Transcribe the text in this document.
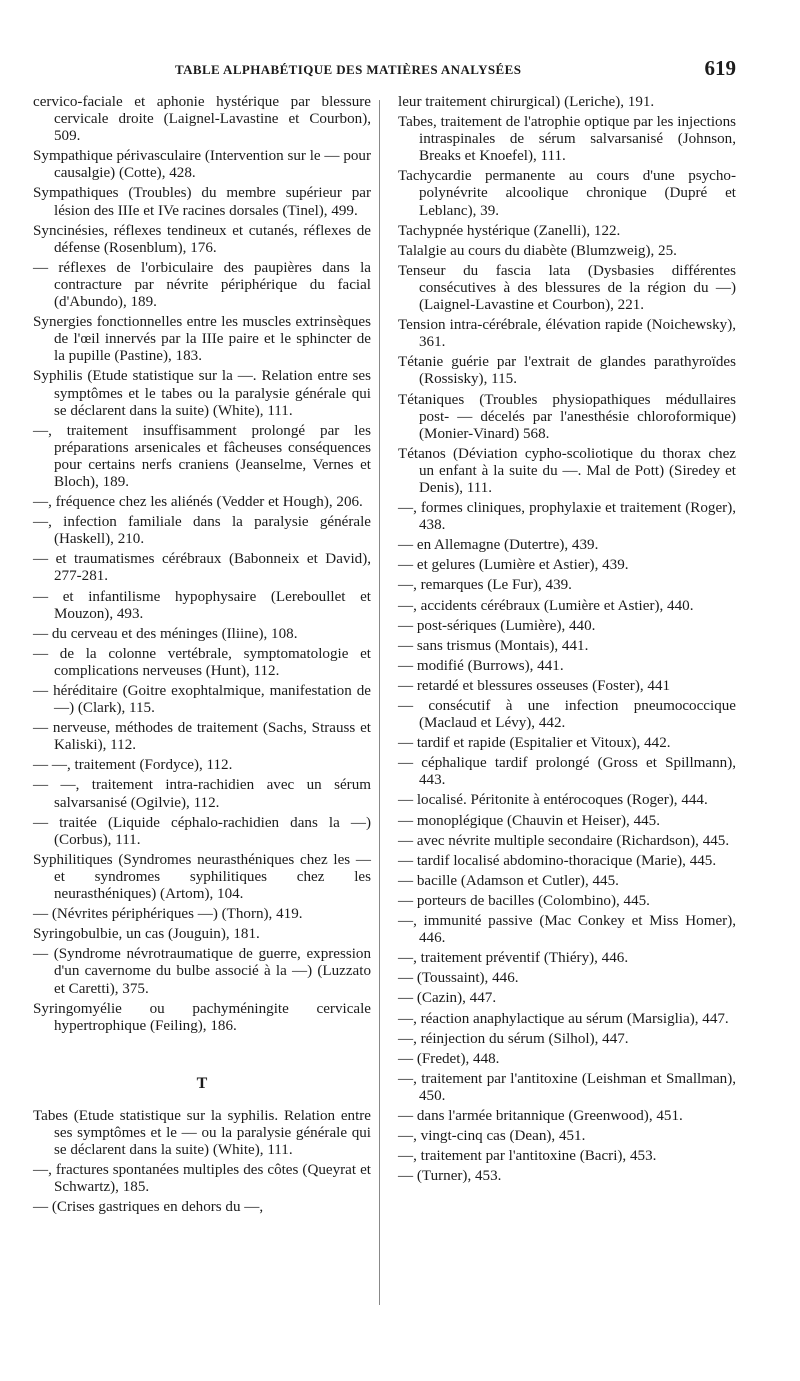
TABLE ALPHABÉTIQUE DES MATIÈRES ANALYSÉES	619

cervico-faciale et aphonie hystérique par blessure cervicale droite (Laignel-Lavastine et Courbon), 509.

Sympathique périvasculaire (Intervention sur le — pour causalgie) (Cotte), 428.

Sympathiques (Troubles) du membre supérieur par lésion des IIIe et IVe racines dorsales (Tinel), 499.

Syncinésies, réflexes tendineux et cutanés, réflexes de défense (Rosenblum), 176.

— réflexes de l'orbiculaire des paupières dans la contracture par névrite périphérique du facial (d'Abundo), 189.

Synergies fonctionnelles entre les muscles extrinsèques de l'œil innervés par la IIIe paire et le sphincter de la pupille (Pastine), 183.

Syphilis (Etude statistique sur la —. Relation entre ses symptômes et le tabes ou la paralysie générale qui se déclarent dans la suite) (White), 111.

—, traitement insuffisamment prolongé par les préparations arsenicales et fâcheuses conséquences pour certains nerfs craniens (Jeanselme, Vernes et Bloch), 189.

—, fréquence chez les aliénés (Vedder et Hough), 206.

—, infection familiale dans la paralysie générale (Haskell), 210.

— et traumatismes cérébraux (Babonneix et David), 277-281.

— et infantilisme hypophysaire (Lereboullet et Mouzon), 493.

— du cerveau et des méninges (Iliine), 108.

— de la colonne vertébrale, symptomatologie et complications nerveuses (Hunt), 112.

— héréditaire (Goitre exophtalmique, manifestation de —) (Clark), 115.

— nerveuse, méthodes de traitement (Sachs, Strauss et Kaliski), 112.

— —, traitement (Fordyce), 112.

— —, traitement intra-rachidien avec un sérum salvarsanisé (Ogilvie), 112.

— traitée (Liquide céphalo-rachidien dans la —) (Corbus), 111.

Syphilitiques (Syndromes neurasthéniques chez les — et syndromes syphilitiques chez les neurasthéniques) (Artom), 104.

— (Névrites périphériques —) (Thorn), 419.

Syringobulbie, un cas (Jouguin), 181.

— (Syndrome névrotraumatique de guerre, expression d'un cavernome du bulbe associé à la —) (Luzzato et Caretti), 375.

Syringomyélie ou pachyméningite cervicale hypertrophique (Feiling), 186.

T

Tabes (Etude statistique sur la syphilis. Relation entre ses symptômes et le — ou la paralysie générale qui se déclarent dans la suite) (White), 111.

—, fractures spontanées multiples des côtes (Queyrat et Schwartz), 185.

— (Crises gastriques en dehors du —,

leur traitement chirurgical) (Leriche), 191.

Tabes, traitement de l'atrophie optique par les injections intraspinales de sérum salvarsanisé (Johnson, Breaks et Knoefel), 111.

Tachycardie permanente au cours d'une psycho-polynévrite alcoolique chronique (Dupré et Leblanc), 39.

Tachypnée hystérique (Zanelli), 122.

Talalgie au cours du diabète (Blumzweig), 25.

Tenseur du fascia lata (Dysbasies différentes consécutives à des blessures de la région du —) (Laignel-Lavastine et Courbon), 221.

Tension intra-cérébrale, élévation rapide (Noichewsky), 361.

Tétanie guérie par l'extrait de glandes parathyroïdes (Rossisky), 115.

Tétaniques (Troubles physiopathiques médullaires post- — décelés par l'anesthésie chloroformique) (Monier-Vinard) 568.

Tétanos (Déviation cypho-scoliotique du thorax chez un enfant à la suite du —. Mal de Pott) (Siredey et Denis), 111.

—, formes cliniques, prophylaxie et traitement (Roger), 438.

— en Allemagne (Dutertre), 439.

— et gelures (Lumière et Astier), 439.

—, remarques (Le Fur), 439.

—, accidents cérébraux (Lumière et Astier), 440.

— post-sériques (Lumière), 440.

— sans trismus (Montais), 441.

— modifié (Burrows), 441.

— retardé et blessures osseuses (Foster), 441

— consécutif à une infection pneumococcique (Maclaud et Lévy), 442.

— tardif et rapide (Espitalier et Vitoux), 442.

— céphalique tardif prolongé (Gross et Spillmann), 443.

— localisé. Péritonite à entérocoques (Roger), 444.

— monoplégique (Chauvin et Heiser), 445.

— avec névrite multiple secondaire (Richardson), 445.

— tardif localisé abdomino-thoracique (Marie), 445.

— bacille (Adamson et Cutler), 445.

— porteurs de bacilles (Colombino), 445.

—, immunité passive (Mac Conkey et Miss Homer), 446.

—, traitement préventif (Thiéry), 446.

— (Toussaint), 446.

— (Cazin), 447.

—, réaction anaphylactique au sérum (Marsiglia), 447.

—, réinjection du sérum (Silhol), 447.

— (Fredet), 448.

—, traitement par l'antitoxine (Leishman et Smallman), 450.

— dans l'armée britannique (Greenwood), 451.

—, vingt-cinq cas (Dean), 451.

—, traitement par l'antitoxine (Bacri), 453.

— (Turner), 453.
